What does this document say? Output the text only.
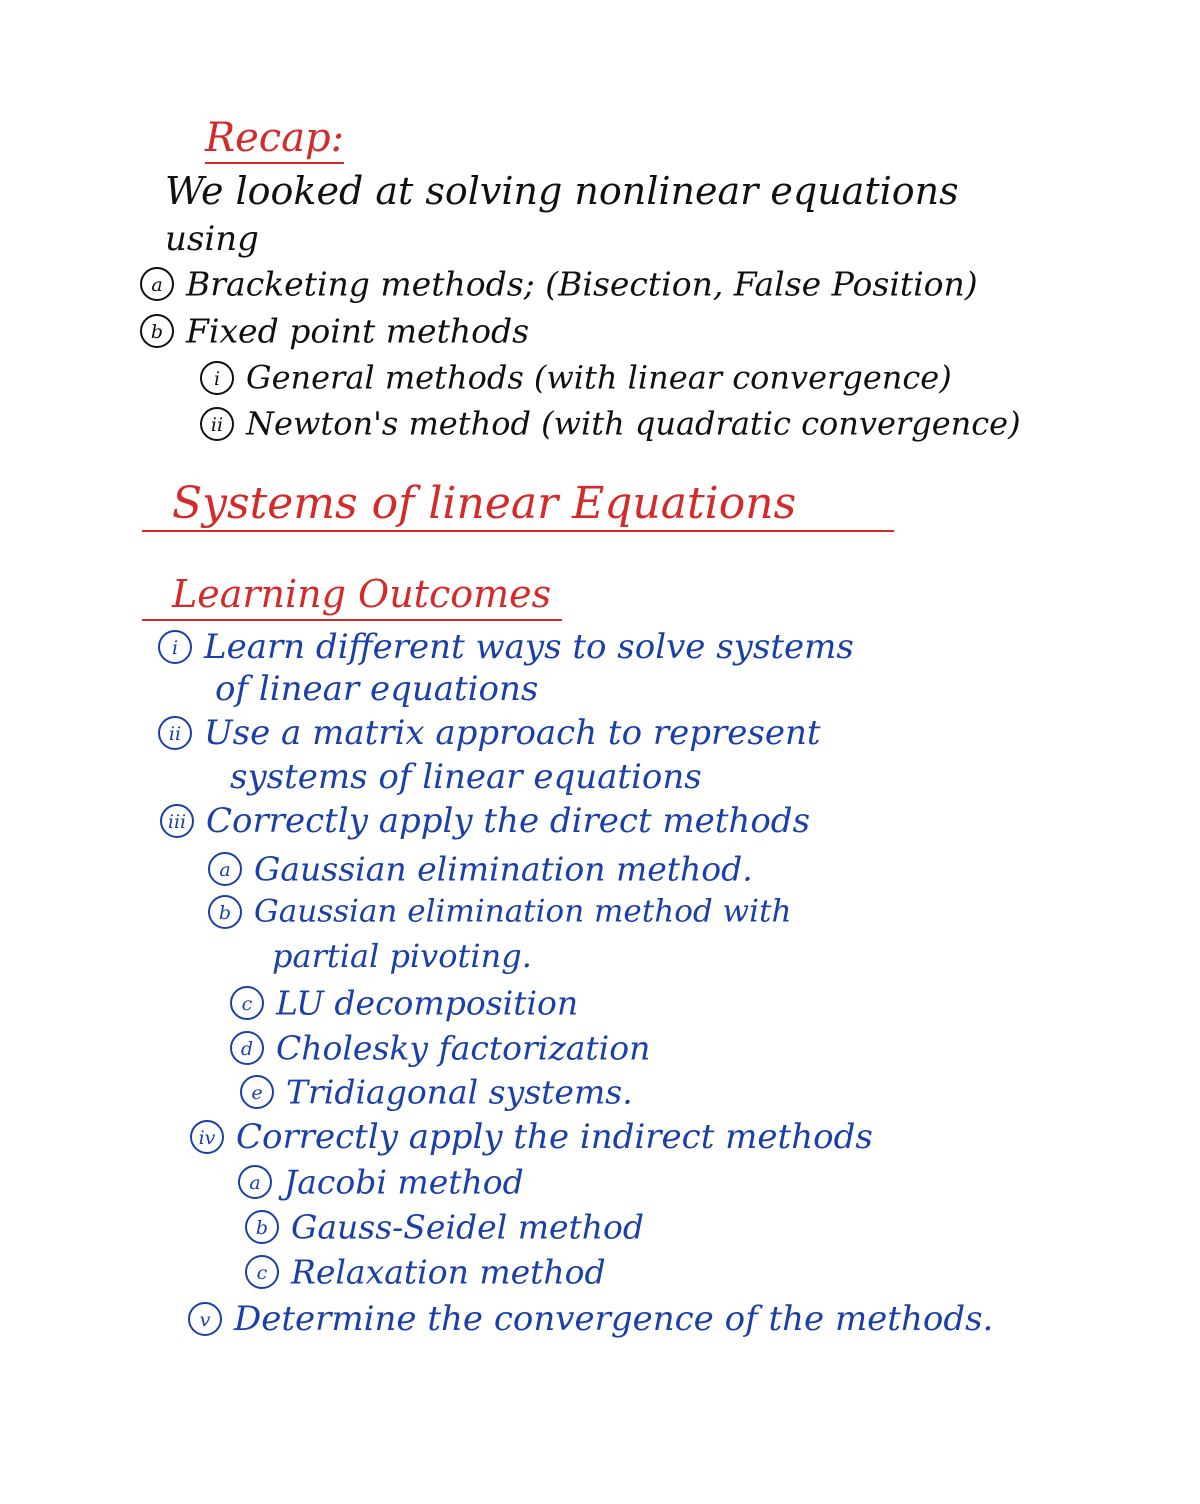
Recap:
We looked at solving nonlinear equations
using
a Bracketing methods; (Bisection, False Position)
b Fixed point methods
i General methods (with linear convergence)
ii Newton's method (with quadratic convergence)
Systems of linear Equations
Learning Outcomes
i Learn different ways to solve systems
of linear equations
ii Use a matrix approach to represent
systems of linear equations
iii Correctly apply the direct methods
a Gaussian elimination method.
b Gaussian elimination method with
partial pivoting.
c LU decomposition
d Cholesky factorization
e Tridiagonal systems.
iv Correctly apply the indirect methods
a Jacobi method
b Gauss-Seidel method
c Relaxation method
v Determine the convergence of the methods.
